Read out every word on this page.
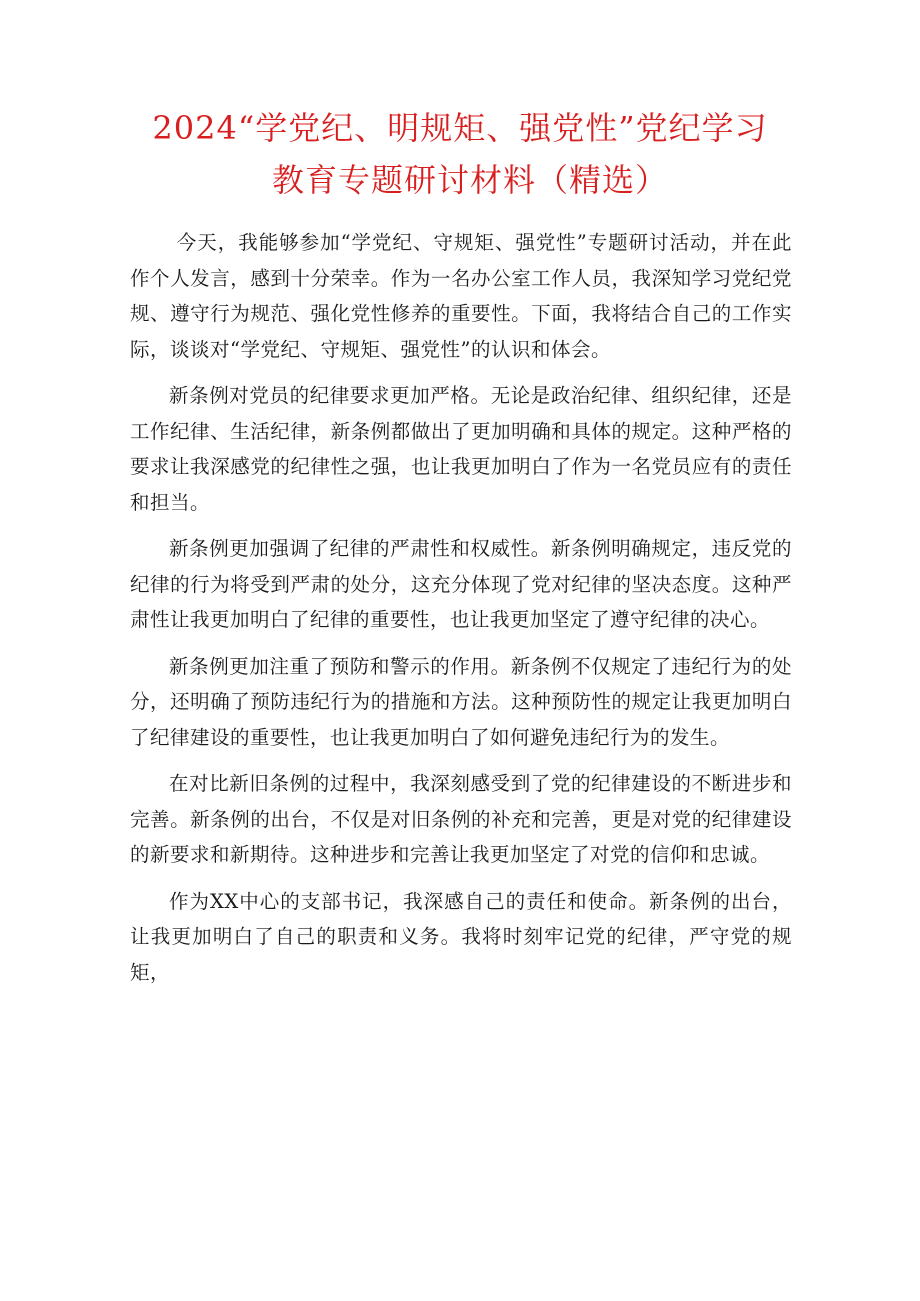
2024“学党纪、明规矩、强党性”党纪学习
教育专题研讨材料（精选）

今天，我能够参加“学党纪、守规矩、强党性”专题研讨活动，并在此作个人发言，感到十分荣幸。作为一名办公室工作人员，我深知学习党纪党规、遵守行为规范、强化党性修养的重要性。下面，我将结合自己的工作实际，谈谈对“学党纪、守规矩、强党性”的认识和体会。

新条例对党员的纪律要求更加严格。无论是政治纪律、组织纪律，还是工作纪律、生活纪律，新条例都做出了更加明确和具体的规定。这种严格的要求让我深感党的纪律性之强，也让我更加明白了作为一名党员应有的责任和担当。

新条例更加强调了纪律的严肃性和权威性。新条例明确规定，违反党的纪律的行为将受到严肃的处分，这充分体现了党对纪律的坚决态度。这种严肃性让我更加明白了纪律的重要性，也让我更加坚定了遵守纪律的决心。

新条例更加注重了预防和警示的作用。新条例不仅规定了违纪行为的处分，还明确了预防违纪行为的措施和方法。这种预防性的规定让我更加明白了纪律建设的重要性，也让我更加明白了如何避免违纪行为的发生。

在对比新旧条例的过程中，我深刻感受到了党的纪律建设的不断进步和完善。新条例的出台，不仅是对旧条例的补充和完善，更是对党的纪律建设的新要求和新期待。这种进步和完善让我更加坚定了对党的信仰和忠诚。

作为XX中心的支部书记，我深感自己的责任和使命。新条例的出台，让我更加明白了自己的职责和义务。我将时刻牢记党的纪律，严守党的规矩，
